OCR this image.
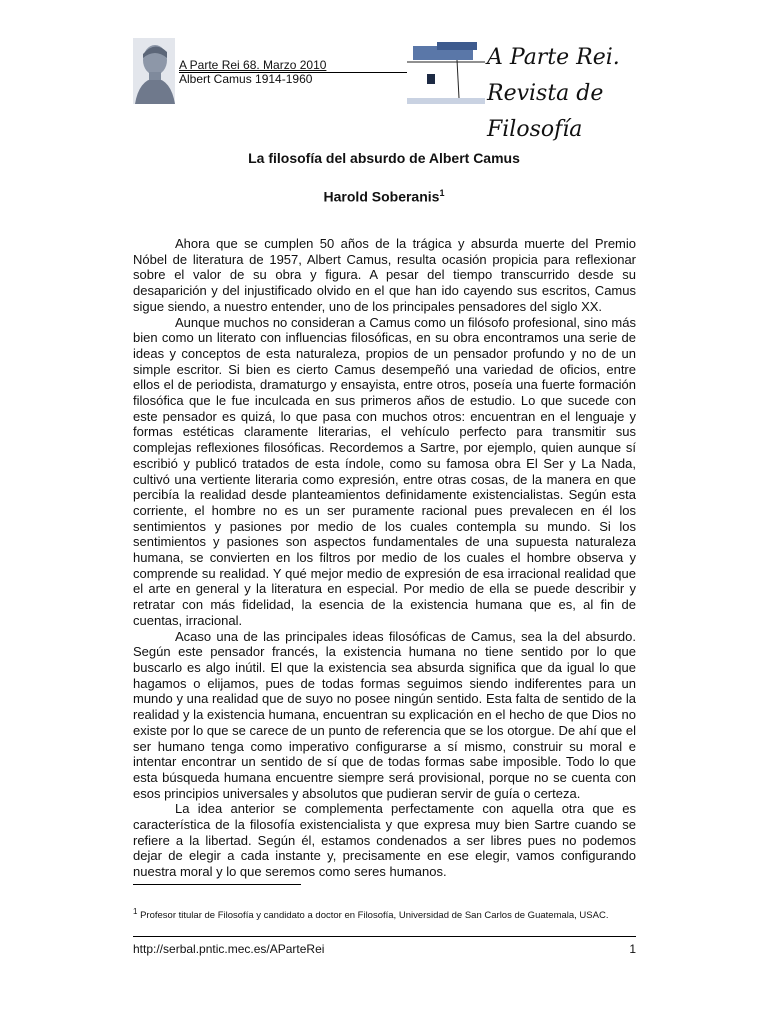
A Parte Rei 68. Marzo 2010
Albert Camus 1914-1960
A Parte Rei.
Revista de Filosofía
La filosofía del absurdo de Albert Camus
Harold Soberanis$^1$

Ahora que se cumplen 50 años de la trágica y absurda muerte del Premio Nóbel de literatura de 1957, Albert Camus, resulta ocasión propicia para reflexionar sobre el valor de su obra y figura. A pesar del tiempo transcurrido desde su desaparición y del injustificado olvido en el que han ido cayendo sus escritos, Camus sigue siendo, a nuestro entender, uno de los principales pensadores del siglo XX.

Aunque muchos no consideran a Camus como un filósofo profesional, sino más bien como un literato con influencias filosóficas, en su obra encontramos una serie de ideas y conceptos de esta naturaleza, propios de un pensador profundo y no de un simple escritor. Si bien es cierto Camus desempeñó una variedad de oficios, entre ellos el de periodista, dramaturgo y ensayista, entre otros, poseía una fuerte formación filosófica que le fue inculcada en sus primeros años de estudio. Lo que sucede con este pensador es quizá, lo que pasa con muchos otros: encuentran en el lenguaje y formas estéticas claramente literarias, el vehículo perfecto para transmitir sus complejas reflexiones filosóficas. Recordemos a Sartre, por ejemplo, quien aunque sí escribió y publicó tratados de esta índole, como su famosa obra El Ser y La Nada, cultivó una vertiente literaria como expresión, entre otras cosas, de la manera en que percibía la realidad desde planteamientos definidamente existencialistas. Según esta corriente, el hombre no es un ser puramente racional pues prevalecen en él los sentimientos y pasiones por medio de los cuales contempla su mundo. Si los sentimientos y pasiones son aspectos fundamentales de una supuesta naturaleza humana, se convierten en los filtros por medio de los cuales el hombre observa y comprende su realidad. Y qué mejor medio de expresión de esa irracional realidad que el arte en general y la literatura en especial. Por medio de ella se puede describir y retratar con más fidelidad, la esencia de la existencia humana que es, al fin de cuentas, irracional.

Acaso una de las principales ideas filosóficas de Camus, sea la del absurdo. Según este pensador francés, la existencia humana no tiene sentido por lo que buscarlo es algo inútil. El que la existencia sea absurda significa que da igual lo que hagamos o elijamos, pues de todas formas seguimos siendo indiferentes para un mundo y una realidad que de suyo no posee ningún sentido. Esta falta de sentido de la realidad y la existencia humana, encuentran su explicación en el hecho de que Dios no existe por lo que se carece de un punto de referencia que se los otorgue. De ahí que el ser humano tenga como imperativo configurarse a sí mismo, construir su moral e intentar encontrar un sentido de sí que de todas formas sabe imposible. Todo lo que esta búsqueda humana encuentre siempre será provisional, porque no se cuenta con esos principios universales y absolutos que pudieran servir de guía o certeza.

La idea anterior se complementa perfectamente con aquella otra que es característica de la filosofía existencialista y que expresa muy bien Sartre cuando se refiere a la libertad. Según él, estamos condenados a ser libres pues no podemos dejar de elegir a cada instante y, precisamente en ese elegir, vamos configurando nuestra moral y lo que seremos como seres humanos.

$^1$ Profesor titular de Filosofía y candidato a doctor en Filosofía, Universidad de San Carlos de Guatemala, USAC.
http://serbal.pntic.mec.es/AParteRei	1
